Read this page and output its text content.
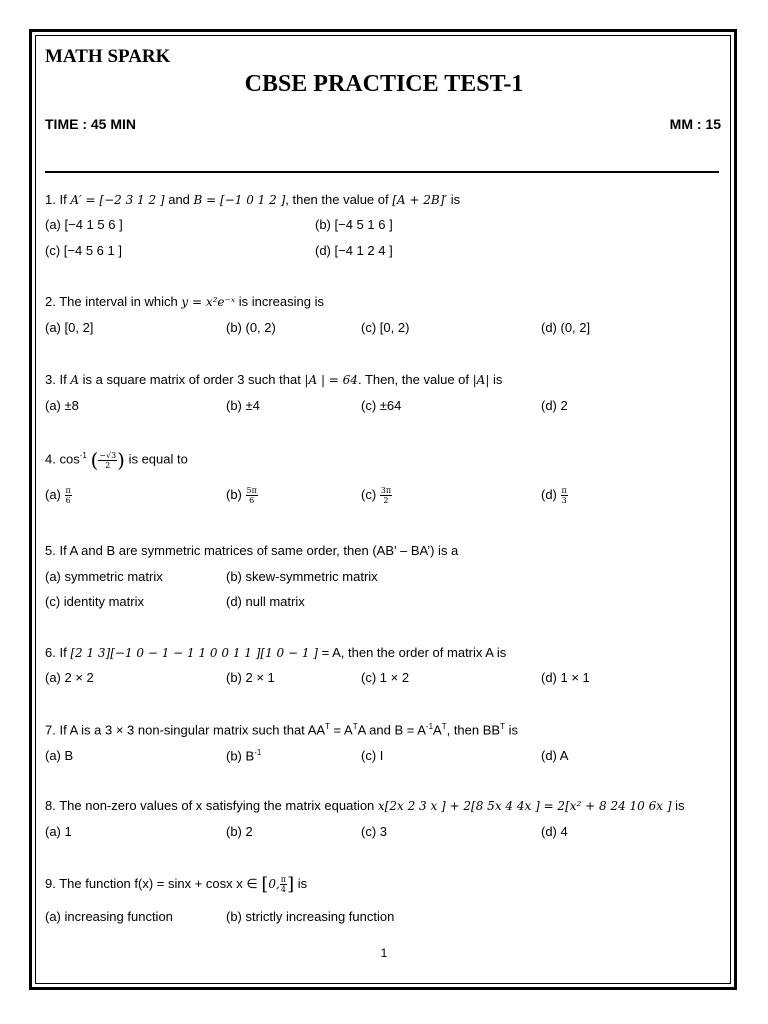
MATH SPARK
CBSE PRACTICE TEST-1
TIME : 45 MIN	MM : 15
1. If A′ = [−2 3 1 2 ] and B = [−1 0 1 2 ], then the value of [A + 2B]′ is
(a) [−4 1 5 6 ]	(b) [−4 5 1 6 ]
(c) [−4 5 6 1 ]	(d) [−4 1 2 4 ]
2. The interval in which y = x²e⁻ˣ is increasing is
(a) [0, 2]	(b) (0, 2)	(c) [0, 2)	(d) (0, 2]
3. If A is a square matrix of order 3 such that |A | = 64. Then, the value of |A| is
(a) ±8	(b) ±4	(c) ±64	(d) 2
4. $\cos^{-1}$ ( $\frac{-√3}{2}$ ) is equal to
$(a) \frac{\pi}{6}$	$(b) \frac{5\pi}{6}$	$(c) \frac{3\pi}{2}$	$(d) \frac{\pi}{3}$
5. If A and B are symmetric matrices of same order, then (AB’ – BA’) is a
(a) symmetric matrix	(b) skew-symmetric matrix
(c) identity matrix	(d) null matrix
6. If [2 1 3][−1 0 − 1 − 1 1 0 0 1 1 ][1 0 − 1 ] = A, then the order of matrix A is
(a) 2 × 2	(b) 2 × 1	(c) 1 × 2	(d) 1 × 1
7. If A is a 3 × 3 non-singular matrix such that $AA^T = A^TA$ and $B = A^{-1}A^T$, then $BB^T$ is
(a) B	(b) $B^{-1}$	(c) I	(d) A
8. The non-zero values of x satisfying the matrix equation x[2x 2 3 x ] + 2[8 5x 4 4x ] = 2[x² + 8 24 10 6x ] is
(a) 1	(b) 2	(c) 3	(d) 4
9. The function f(x) = sinx + cosx x ∈ [0, $\frac{\pi}{4}$ ] is
(a) increasing function	(b) strictly increasing function
1
